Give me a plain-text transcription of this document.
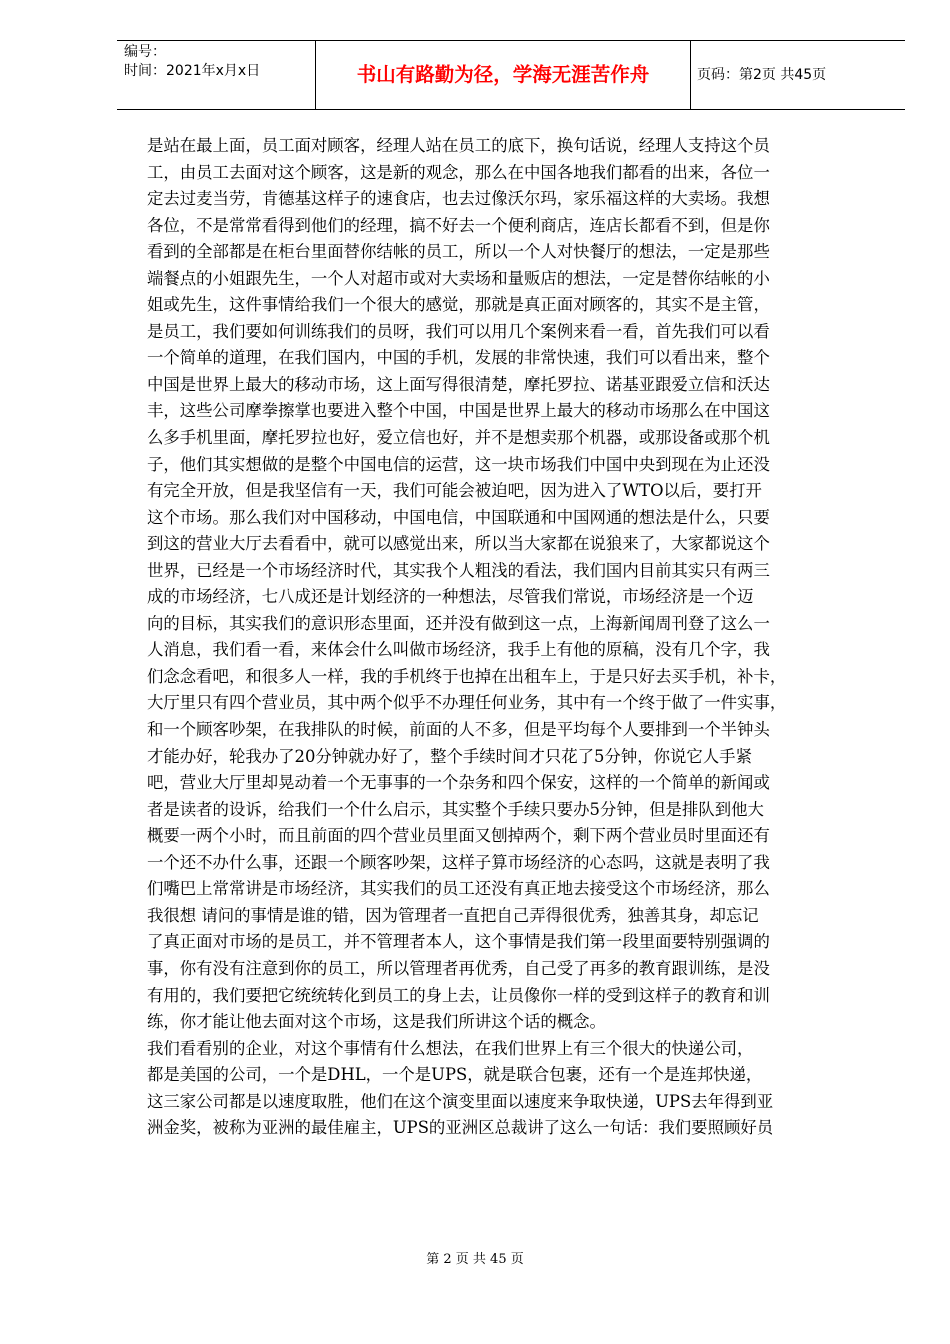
编号：
时间：2021年x月x日	书山有路勤为径，学海无涯苦作舟	页码：第2页 共45页

是站在最上面，员工面对顾客，经理人站在员工的底下，换句话说，经理人支持这个员

工，由员工去面对这个顾客，这是新的观念，那么在中国各地我们都看的出来，各位一

定去过麦当劳，肯德基这样子的速食店，也去过像沃尔玛，家乐福这样的大卖场。我想

各位，不是常常看得到他们的经理，搞不好去一个便利商店，连店长都看不到，但是你

看到的全部都是在柜台里面替你结帐的员工，所以一个人对快餐厅的想法，一定是那些

端餐点的小姐跟先生，一个人对超市或对大卖场和量贩店的想法，一定是替你结帐的小

姐或先生，这件事情给我们一个很大的感觉，那就是真正面对顾客的，其实不是主管，

是员工，我们要如何训练我们的员呀，我们可以用几个案例来看一看，首先我们可以看

一个简单的道理，在我们国内，中国的手机，发展的非常快速，我们可以看出来，整个

中国是世界上最大的移动市场，这上面写得很清楚，摩托罗拉、诺基亚跟爱立信和沃达

丰，这些公司摩拳擦掌也要进入整个中国，中国是世界上最大的移动市场那么在中国这

么多手机里面，摩托罗拉也好，爱立信也好，并不是想卖那个机器，或那设备或那个机

子，他们其实想做的是整个中国电信的运营，这一块市场我们中国中央到现在为止还没

有完全开放，但是我坚信有一天，我们可能会被迫吧，因为进入了WTO以后，要打开

这个市场。那么我们对中国移动，中国电信，中国联通和中国网通的想法是什么，只要

到这的营业大厅去看看中，就可以感觉出来，所以当大家都在说狼来了，大家都说这个

世界，已经是一个市场经济时代，其实我个人粗浅的看法，我们国内目前其实只有两三

成的市场经济，七八成还是计划经济的一种想法，尽管我们常说，市场经济是一个迈

向的目标，其实我们的意识形态里面，还并没有做到这一点，上海新闻周刊登了这么一

人消息，我们看一看，来体会什么叫做市场经济，我手上有他的原稿，没有几个字，我

们念念看吧，和很多人一样，我的手机终于也掉在出租车上，于是只好去买手机，补卡，

大厅里只有四个营业员，其中两个似乎不办理任何业务，其中有一个终于做了一件实事，

和一个顾客吵架，在我排队的时候，前面的人不多，但是平均每个人要排到一个半钟头

才能办好，轮我办了20分钟就办好了，整个手续时间才只花了5分钟，你说它人手紧

吧，营业大厅里却晃动着一个无事事的一个杂务和四个保安，这样的一个简单的新闻或

者是读者的设诉，给我们一个什么启示，其实整个手续只要办5分钟，但是排队到他大

概要一两个小时，而且前面的四个营业员里面又刨掉两个，剩下两个营业员时里面还有

一个还不办什么事，还跟一个顾客吵架，这样子算市场经济的心态吗，这就是表明了我

们嘴巴上常常讲是市场经济，其实我们的员工还没有真正地去接受这个市场经济，那么

我很想 请问的事情是谁的错，因为管理者一直把自己弄得很优秀，独善其身，却忘记

了真正面对市场的是员工，并不管理者本人，这个事情是我们第一段里面要特别强调的

事，你有没有注意到你的员工，所以管理者再优秀，自己受了再多的教育跟训练，是没

有用的，我们要把它统统转化到员工的身上去，让员像你一样的受到这样子的教育和训

练，你才能让他去面对这个市场，这是我们所讲这个话的概念。

我们看看别的企业，对这个事情有什么想法，在我们世界上有三个很大的快递公司，

都是美国的公司，一个是DHL，一个是UPS，就是联合包裹，还有一个是连邦快递，

这三家公司都是以速度取胜，他们在这个演变里面以速度来争取快递，UPS去年得到亚

洲金奖，被称为亚洲的最佳雇主，UPS的亚洲区总裁讲了这么一句话：我们要照顾好员

第 2 页 共 45 页
